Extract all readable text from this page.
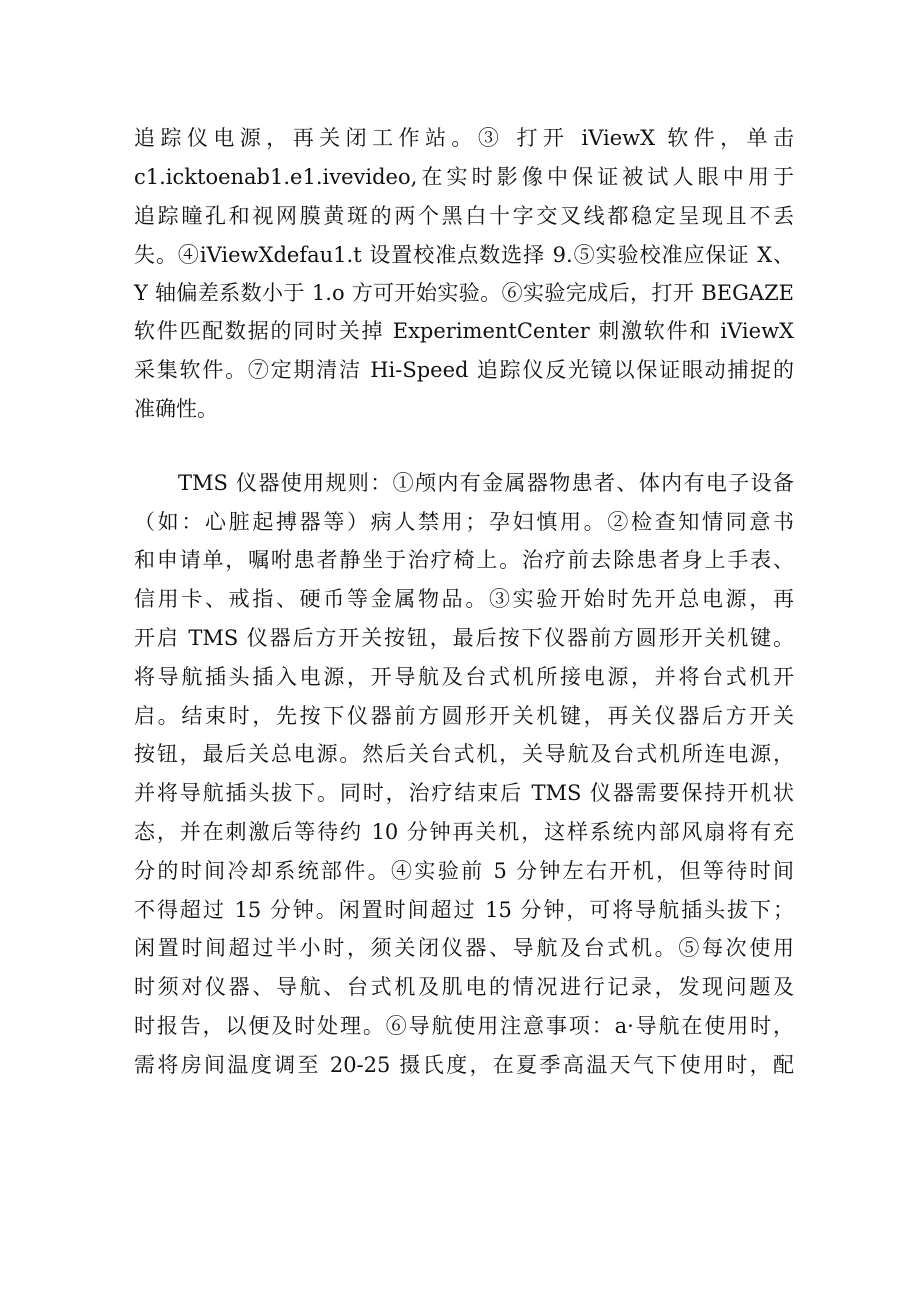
追踪仪电源，再关闭工作站。③ 打开 iViewX 软件，单击
c1.icktoenab1.e1.ivevideo,在实时影像中保证被试人眼中用于
追踪瞳孔和视网膜黄斑的两个黑白十字交叉线都稳定呈现且不丢
失。④iViewXdefau1.t 设置校准点数选择 9.⑤实验校准应保证 X、
Y 轴偏差系数小于 1.o 方可开始实验。⑥实验完成后，打开 BEGAZE
软件匹配数据的同时关掉 ExperimentCenter 刺激软件和 iViewX
采集软件。⑦定期清洁 Hi-Speed 追踪仪反光镜以保证眼动捕捉的
准确性。
TMS 仪器使用规则：①颅内有金属器物患者、体内有电子设备
（如：心脏起搏器等）病人禁用；孕妇慎用。②检查知情同意书
和申请单，嘱咐患者静坐于治疗椅上。治疗前去除患者身上手表、
信用卡、戒指、硬币等金属物品。③实验开始时先开总电源，再
开启 TMS 仪器后方开关按钮，最后按下仪器前方圆形开关机键。
将导航插头插入电源，开导航及台式机所接电源，并将台式机开
启。结束时，先按下仪器前方圆形开关机键，再关仪器后方开关
按钮，最后关总电源。然后关台式机，关导航及台式机所连电源，
并将导航插头拔下。同时，治疗结束后 TMS 仪器需要保持开机状
态，并在刺激后等待约 10 分钟再关机，这样系统内部风扇将有充
分的时间冷却系统部件。④实验前 5 分钟左右开机，但等待时间
不得超过 15 分钟。闲置时间超过 15 分钟，可将导航插头拔下；
闲置时间超过半小时，须关闭仪器、导航及台式机。⑤每次使用
时须对仪器、导航、台式机及肌电的情况进行记录，发现问题及
时报告，以便及时处理。⑥导航使用注意事项：a·导航在使用时，
需将房间温度调至 20-25 摄氏度，在夏季高温天气下使用时，配
